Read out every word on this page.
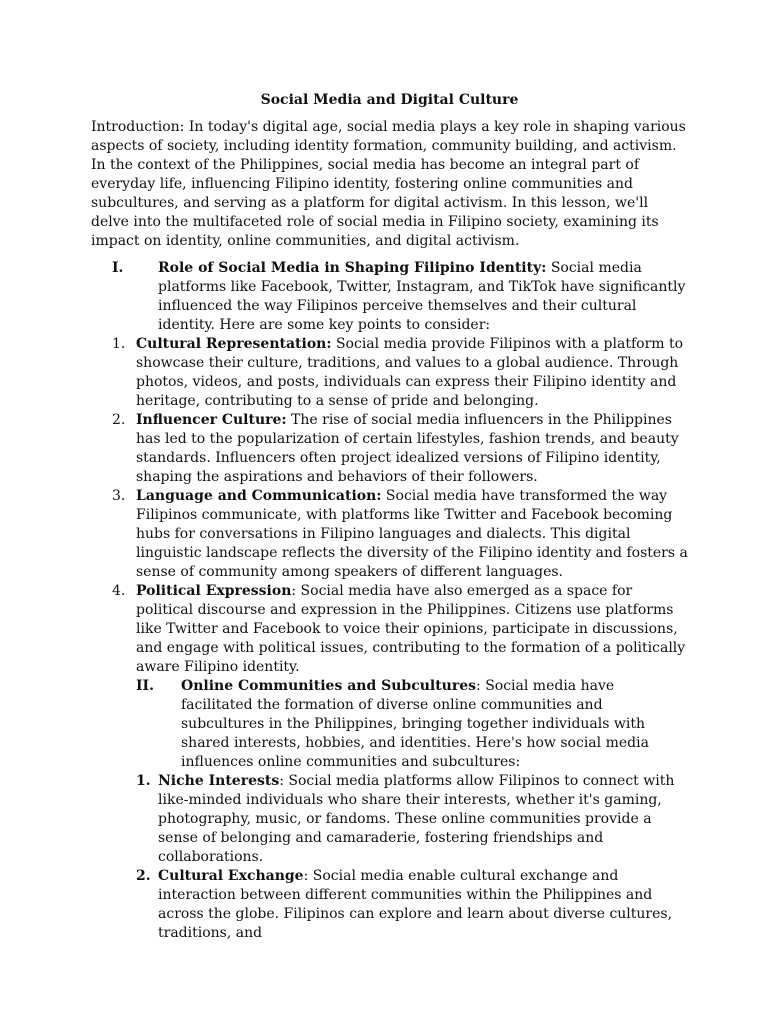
Social Media and Digital Culture

Introduction: In today's digital age, social media plays a key role in shaping various aspects of society, including identity formation, community building, and activism. In the context of the Philippines, social media has become an integral part of everyday life, influencing Filipino identity, fostering online communities and subcultures, and serving as a platform for digital activism. In this lesson, we'll delve into the multifaceted role of social media in Filipino society, examining its impact on identity, online communities, and digital activism.

I. Role of Social Media in Shaping Filipino Identity: Social media platforms like Facebook, Twitter, Instagram, and TikTok have significantly influenced the way Filipinos perceive themselves and their cultural identity. Here are some key points to consider:
1. Cultural Representation: Social media provide Filipinos with a platform to showcase their culture, traditions, and values to a global audience. Through photos, videos, and posts, individuals can express their Filipino identity and heritage, contributing to a sense of pride and belonging.
2. Influencer Culture: The rise of social media influencers in the Philippines has led to the popularization of certain lifestyles, fashion trends, and beauty standards. Influencers often project idealized versions of Filipino identity, shaping the aspirations and behaviors of their followers.
3. Language and Communication: Social media have transformed the way Filipinos communicate, with platforms like Twitter and Facebook becoming hubs for conversations in Filipino languages and dialects. This digital linguistic landscape reflects the diversity of the Filipino identity and fosters a sense of community among speakers of different languages.
4. Political Expression: Social media have also emerged as a space for political discourse and expression in the Philippines. Citizens use platforms like Twitter and Facebook to voice their opinions, participate in discussions, and engage with political issues, contributing to the formation of a politically aware Filipino identity.
II. Online Communities and Subcultures: Social media have facilitated the formation of diverse online communities and subcultures in the Philippines, bringing together individuals with shared interests, hobbies, and identities. Here's how social media influences online communities and subcultures:
1. Niche Interests: Social media platforms allow Filipinos to connect with like-minded individuals who share their interests, whether it's gaming, photography, music, or fandoms. These online communities provide a sense of belonging and camaraderie, fostering friendships and collaborations.
2. Cultural Exchange: Social media enable cultural exchange and interaction between different communities within the Philippines and across the globe. Filipinos can explore and learn about diverse cultures, traditions, and
